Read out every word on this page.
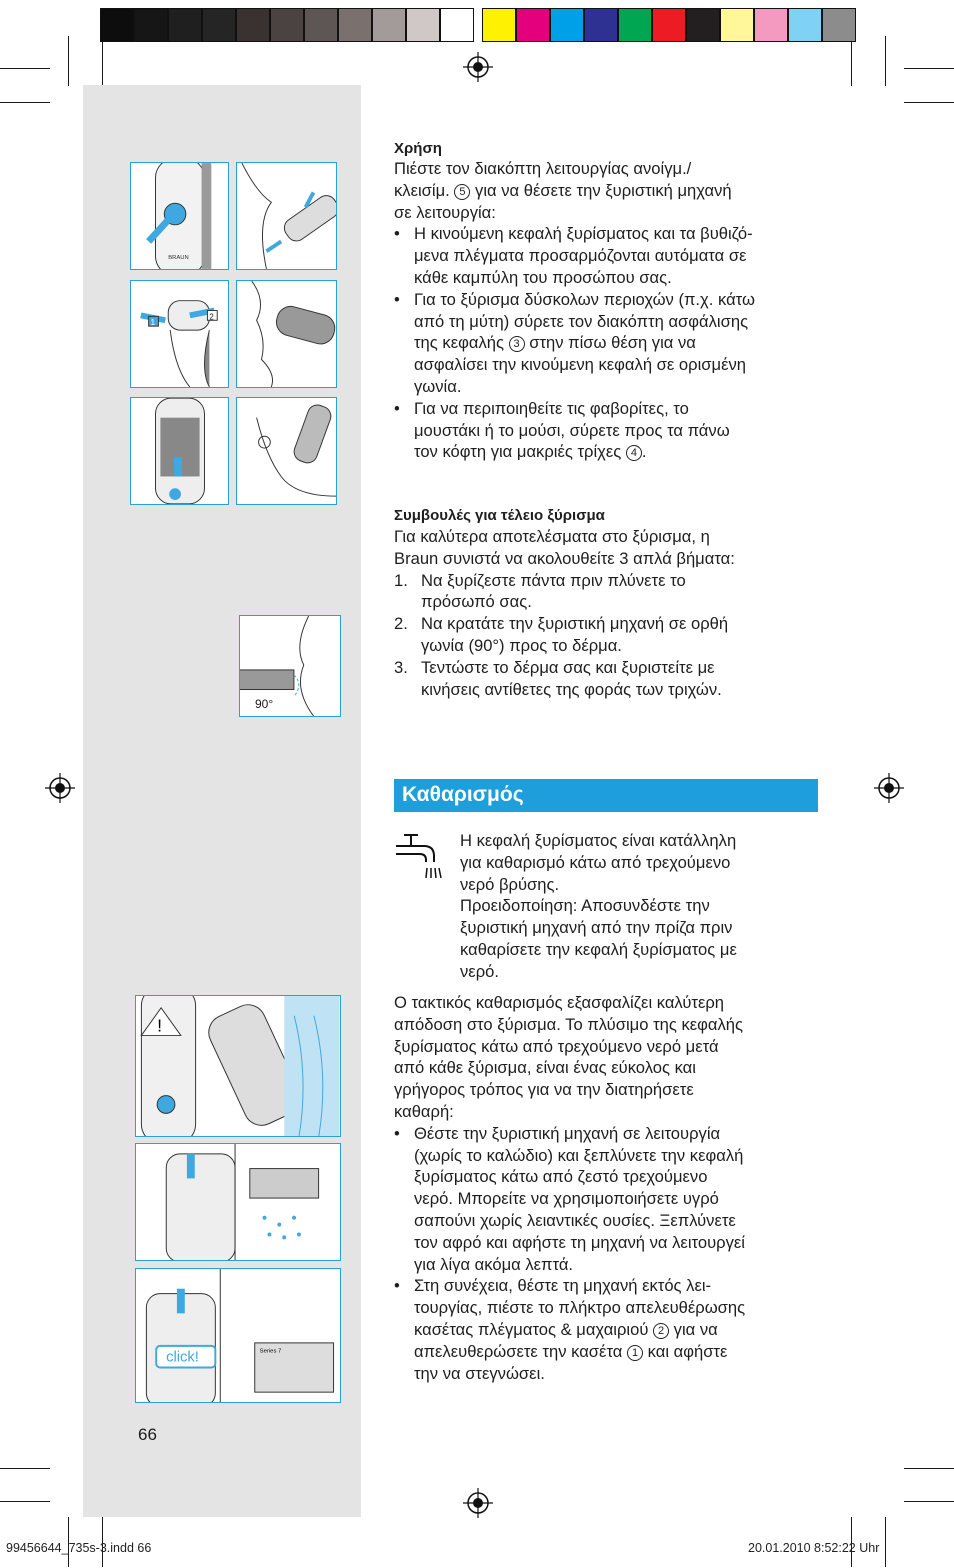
BRAUN
1
2
90°
!
click!	Series 7
Χρήση
Πιέστε τον διακόπτη λειτουργίας ανοίγμ./
κλεισίμ. 5 για να θέσετε την ξυριστική μηχανή
σε λειτουργία:
• Η κινούμενη κεφαλή ξυρίσματος και τα βυθιζό-
μενα πλέγματα προσαρμόζονται αυτόματα σε
κάθε καμπύλη του προσώπου σας.
• Για το ξύρισμα δύσκολων περιοχών (π.χ. κάτω
από τη μύτη) σύρετε τον διακόπτη ασφάλισης
της κεφαλής 3 στην πίσω θέση για να
ασφαλίσει την κινούμενη κεφαλή σε ορισμένη
γωνία.
• Για να περιποιηθείτε τις φαβορίτες, το
μουστάκι ή το μούσι, σύρετε προς τα πάνω
τον κόφτη για μακριές τρίχες 4 .
Συμβουλές για τέλειο ξύρισμα
Για καλύτερα αποτελέσματα στο ξύρισμα, η
Braun συνιστά να ακολουθείτε 3 απλά βήματα:
1. Να ξυρίζεστε πάντα πριν πλύνετε το
πρόσωπό σας.
2. Να κρατάτε την ξυριστική μηχανή σε ορθή
γωνία (90°) προς το δέρμα.
3. Τεντώστε το δέρμα σας και ξυριστείτε με
κινήσεις αντίθετες της φοράς των τριχών.
Καθαρισμός
Η κεφαλή ξυρίσματος είναι κατάλληλη
για καθαρισμό κάτω από τρεχούμενο
νερό βρύσης.
Προειδοποίηση: Αποσυνδέστε την
ξυριστική μηχανή από την πρίζα πριν
καθαρίσετε την κεφαλή ξυρίσματος με
νερό.
Ο τακτικός καθαρισμός εξασφαλίζει καλύτερη
απόδοση στο ξύρισμα. Το πλύσιμο της κεφαλής
ξυρίσματος κάτω από τρεχούμενο νερό μετά
από κάθε ξύρισμα, είναι ένας εύκολος και
γρήγορος τρόπος για να την διατηρήσετε
καθαρή:
• Θέστε την ξυριστική μηχανή σε λειτουργία
(χωρίς το καλώδιο) και ξεπλύνετε την κεφαλή
ξυρίσματος κάτω από ζεστό τρεχούμενο
νερό. Μπορείτε να χρησιμοποιήσετε υγρό
σαπούνι χωρίς λειαντικές ουσίες. Ξεπλύνετε
τον αφρό και αφήστε τη μηχανή να λειτουργεί
για λίγα ακόμα λεπτά.
• Στη συνέχεια, θέστε τη μηχανή εκτός λει-
τουργίας, πιέστε το πλήκτρο απελευθέρωσης
κασέτας πλέγματος & μαχαιριού 2 για να
απελευθερώσετε την κασέτα 1 και αφήστε
την να στεγνώσει.
66
99456644_735s-3.indd 66	20.01.2010 8:52:22 Uhr
